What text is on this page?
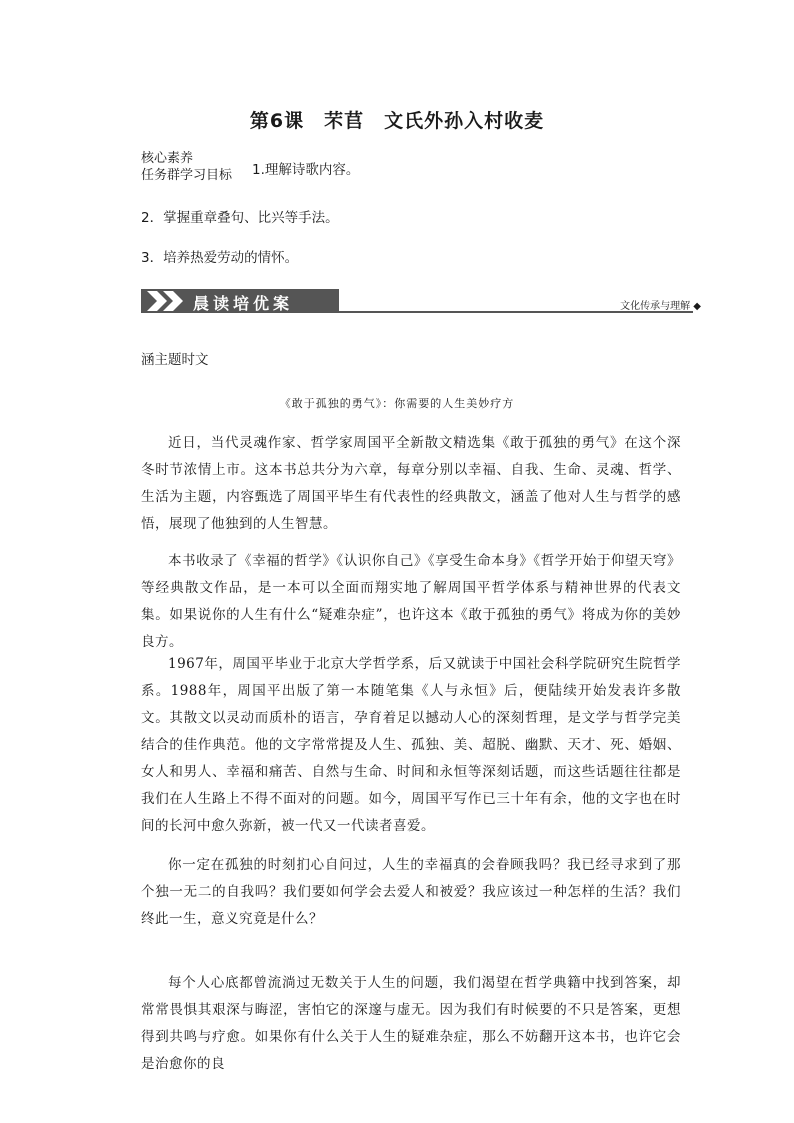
第6课　芣苢　文氏外孙入村收麦
核心素养
任务群学习目标 1.理解诗歌内容。
2．掌握重章叠句、比兴等手法。
3．培养热爱劳动的情怀。
晨读培优案	文化传承与理解 ◆
涵主题时文
《敢于孤独的勇气》：你需要的人生美妙疗方
近日，当代灵魂作家、哲学家周国平全新散文精选集《敢于孤独的勇气》在这个深冬时节浓情上市。这本书总共分为六章，每章分别以幸福、自我、生命、灵魂、哲学、生活为主题，内容甄选了周国平毕生有代表性的经典散文，涵盖了他对人生与哲学的感悟，展现了他独到的人生智慧。
本书收录了《幸福的哲学》《认识你自己》《享受生命本身》《哲学开始于仰望天穹》等经典散文作品，是一本可以全面而翔实地了解周国平哲学体系与精神世界的代表文集。如果说你的人生有什么“疑难杂症”，也许这本《敢于孤独的勇气》将成为你的美妙良方。
1967年，周国平毕业于北京大学哲学系，后又就读于中国社会科学院研究生院哲学系。1988年，周国平出版了第一本随笔集《人与永恒》后，便陆续开始发表许多散文。其散文以灵动而质朴的语言，孕育着足以撼动人心的深刻哲理，是文学与哲学完美结合的佳作典范。他的文字常常提及人生、孤独、美、超脱、幽默、天才、死、婚姻、女人和男人、幸福和痛苦、自然与生命、时间和永恒等深刻话题，而这些话题往往都是我们在人生路上不得不面对的问题。如今，周国平写作已三十年有余，他的文字也在时间的长河中愈久弥新，被一代又一代读者喜爱。
你一定在孤独的时刻扪心自问过，人生的幸福真的会眷顾我吗？我已经寻求到了那个独一无二的自我吗？我们要如何学会去爱人和被爱？我应该过一种怎样的生活？我们终此一生，意义究竟是什么？
每个人心底都曾流淌过无数关于人生的问题，我们渴望在哲学典籍中找到答案，却常常畏惧其艰深与晦涩，害怕它的深邃与虚无。因为我们有时候要的不只是答案，更想得到共鸣与疗愈。如果你有什么关于人生的疑难杂症，那么不妨翻开这本书，也许它会是治愈你的良
